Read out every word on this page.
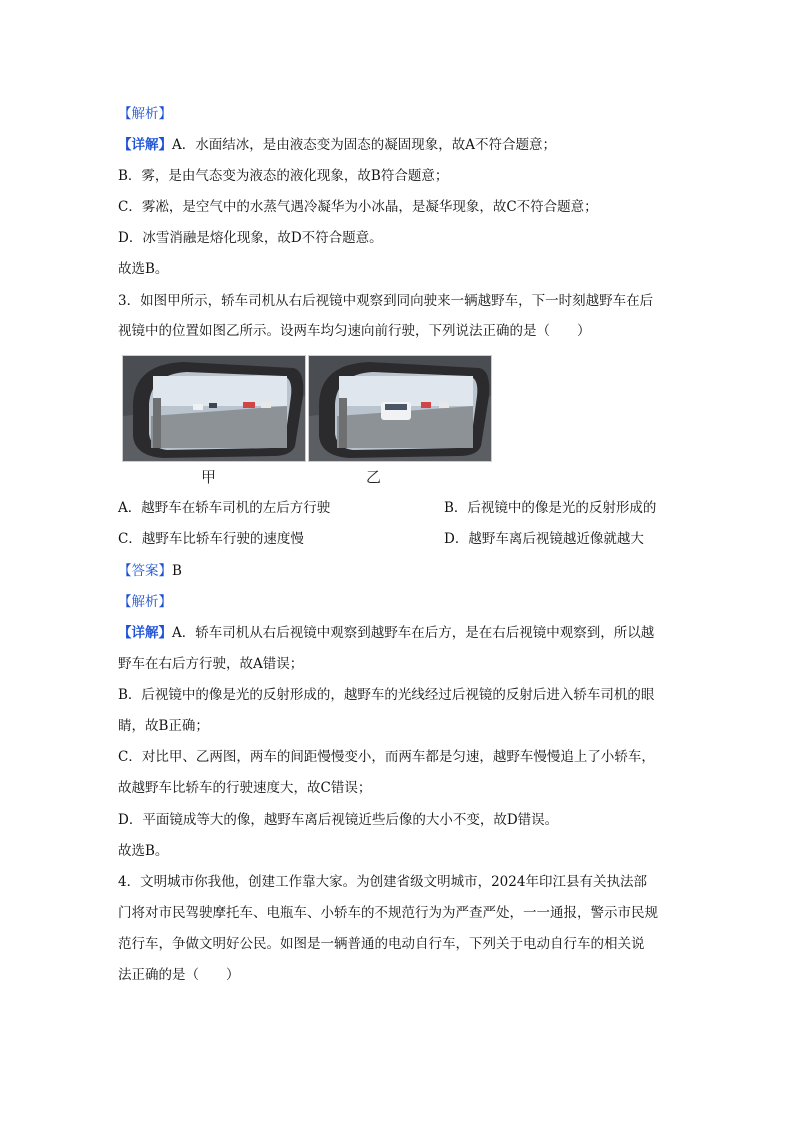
【解析】
【详解】A．水面结冰，是由液态变为固态的凝固现象，故A不符合题意；
B．雾，是由气态变为液态的液化现象，故B符合题意；
C．雾凇，是空气中的水蒸气遇冷凝华为小冰晶，是凝华现象，故C不符合题意；
D．冰雪消融是熔化现象，故D不符合题意。
故选B。
3．如图甲所示，轿车司机从右后视镜中观察到同向驶来一辆越野车，下一时刻越野车在后
视镜中的位置如图乙所示。设两车均匀速向前行驶，下列说法正确的是（　　）
甲	乙
A．越野车在轿车司机的左后方行驶	B．后视镜中的像是光的反射形成的
C．越野车比轿车行驶的速度慢	D．越野车离后视镜越近像就越大
【答案】B
【解析】
【详解】A．轿车司机从右后视镜中观察到越野车在后方，是在右后视镜中观察到，所以越
野车在右后方行驶，故A错误；
B．后视镜中的像是光的反射形成的，越野车的光线经过后视镜的反射后进入轿车司机的眼
睛，故B正确；
C．对比甲、乙两图，两车的间距慢慢变小，而两车都是匀速，越野车慢慢追上了小轿车，
故越野车比轿车的行驶速度大，故C错误；
D．平面镜成等大的像，越野车离后视镜近些后像的大小不变，故D错误。
故选B。
4．文明城市你我他，创建工作靠大家。为创建省级文明城市，2024年印江县有关执法部
门将对市民驾驶摩托车、电瓶车、小轿车的不规范行为为严查严处，一一通报，警示市民规
范行车，争做文明好公民。如图是一辆普通的电动自行车，下列关于电动自行车的相关说
法正确的是（　　）
